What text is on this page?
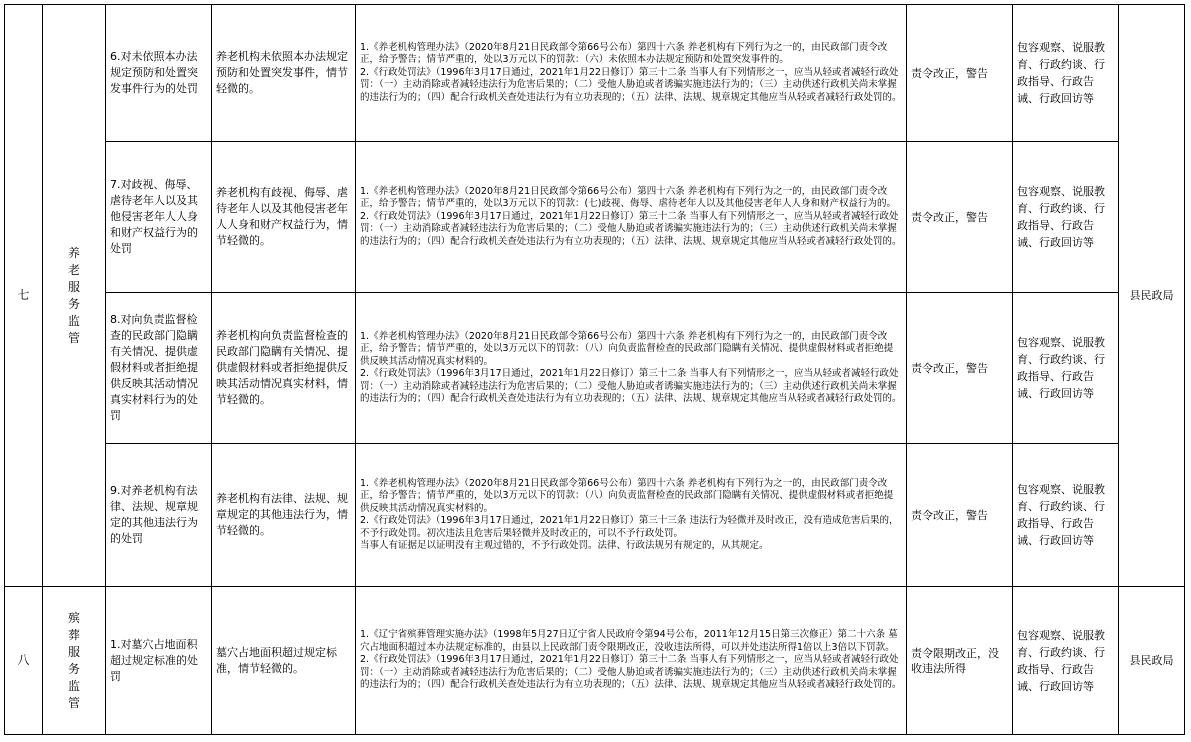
七	养老服务监管	6.对未依照本办法规定预防和处置突发事件行为的处罚	养老机构未依照本办法规定预防和处置突发事件，情节轻微的。	1.《养老机构管理办法》（2020年8月21日民政部令第66号公布）第四十六条 养老机构有下列行为之一的，由民政部门责令改正，给予警告；情节严重的，处以3万元以下的罚款：（六）未依照本办法规定预防和处置突发事件的。

2.《行政处罚法》（1996年3月17日通过，2021年1月22日修订）第三十二条 当事人有下列情形之一，应当从轻或者减轻行政处罚：（一）主动消除或者减轻违法行为危害后果的；（二）受他人胁迫或者诱骗实施违法行为的；（三）主动供述行政机关尚未掌握的违法行为的；（四）配合行政机关查处违法行为有立功表现的；（五）法律、法规、规章规定其他应当从轻或者减轻行政处罚的。	责令改正，警告	包容观察、说服教育、行政约谈、行政指导、行政告诫、行政回访等	县民政局
		7.对歧视、侮辱、虐待老年人以及其他侵害老年人人身和财产权益行为的处罚	养老机构有歧视、侮辱、虐待老年人以及其他侵害老年人人身和财产权益行为，情节轻微的。	1.《养老机构管理办法》（2020年8月21日民政部令第66号公布）第四十六条 养老机构有下列行为之一的，由民政部门责令改正，给予警告；情节严重的，处以3万元以下的罚款：(七)歧视、侮辱、虐待老年人以及其他侵害老年人人身和财产权益行为的。

2.《行政处罚法》（1996年3月17日通过，2021年1月22日修订）第三十二条 当事人有下列情形之一，应当从轻或者减轻行政处罚：（一）主动消除或者减轻违法行为危害后果的；（二）受他人胁迫或者诱骗实施违法行为的；（三）主动供述行政机关尚未掌握的违法行为的；（四）配合行政机关查处违法行为有立功表现的；（五）法律、法规、规章规定其他应当从轻或者减轻行政处罚的。	责令改正，警告	包容观察、说服教育、行政约谈、行政指导、行政告诫、行政回访等	
		8.对向负责监督检查的民政部门隐瞒有关情况、提供虚假材料或者拒绝提供反映其活动情况真实材料行为的处罚	养老机构向负责监督检查的民政部门隐瞒有关情况、提供虚假材料或者拒绝提供反映其活动情况真实材料，情节轻微的。	1.《养老机构管理办法》（2020年8月21日民政部令第66号公布）第四十六条 养老机构有下列行为之一的，由民政部门责令改正，给予警告；情节严重的，处以3万元以下的罚款：（八）向负责监督检查的民政部门隐瞒有关情况、提供虚假材料或者拒绝提供反映其活动情况真实材料的。

2.《行政处罚法》（1996年3月17日通过，2021年1月22日修订）第三十二条 当事人有下列情形之一，应当从轻或者减轻行政处罚：（一）主动消除或者减轻违法行为危害后果的；（二）受他人胁迫或者诱骗实施违法行为的；（三）主动供述行政机关尚未掌握的违法行为的；（四）配合行政机关查处违法行为有立功表现的；（五）法律、法规、规章规定其他应当从轻或者减轻行政处罚的。	责令改正，警告	包容观察、说服教育、行政约谈、行政指导、行政告诫、行政回访等	
		9.对养老机构有法律、法规、规章规定的其他违法行为的处罚	养老机构有法律、法规、规章规定的其他违法行为，情节轻微的。	1.《养老机构管理办法》（2020年8月21日民政部令第66号公布）第四十六条 养老机构有下列行为之一的，由民政部门责令改正，给予警告；情节严重的，处以3万元以下的罚款：（八）向负责监督检查的民政部门隐瞒有关情况、提供虚假材料或者拒绝提供反映其活动情况真实材料的。

2.《行政处罚法》（1996年3月17日通过，2021年1月22日修订）第三十三条 违法行为轻微并及时改正，没有造成危害后果的，不予行政处罚。初次违法且危害后果轻微并及时改正的，可以不予行政处罚。

当事人有证据足以证明没有主观过错的，不予行政处罚。法律、行政法规另有规定的，从其规定。	责令改正，警告	包容观察、说服教育、行政约谈、行政指导、行政告诫、行政回访等	
八	殡葬服务监管	1.对墓穴占地面积超过规定标准的处罚	墓穴占地面积超过规定标准，情节轻微的。	1.《辽宁省殡葬管理实施办法》（1998年5月27日辽宁省人民政府令第94号公布，2011年12月15日第三次修正）第二十六条 墓穴占地面积超过本办法规定标准的，由县以上民政部门责令限期改正，没收违法所得，可以并处违法所得1倍以上3倍以下罚款。

2.《行政处罚法》（1996年3月17日通过，2021年1月22日修订）第三十二条 当事人有下列情形之一，应当从轻或者减轻行政处罚：（一）主动消除或者减轻违法行为危害后果的；（二）受他人胁迫或者诱骗实施违法行为的；（三）主动供述行政机关尚未掌握的违法行为的；（四）配合行政机关查处违法行为有立功表现的；（五）法律、法规、规章规定其他应当从轻或者减轻行政处罚的。	责令限期改正，没收违法所得	包容观察、说服教育、行政约谈、行政指导、行政告诫、行政回访等	县民政局
